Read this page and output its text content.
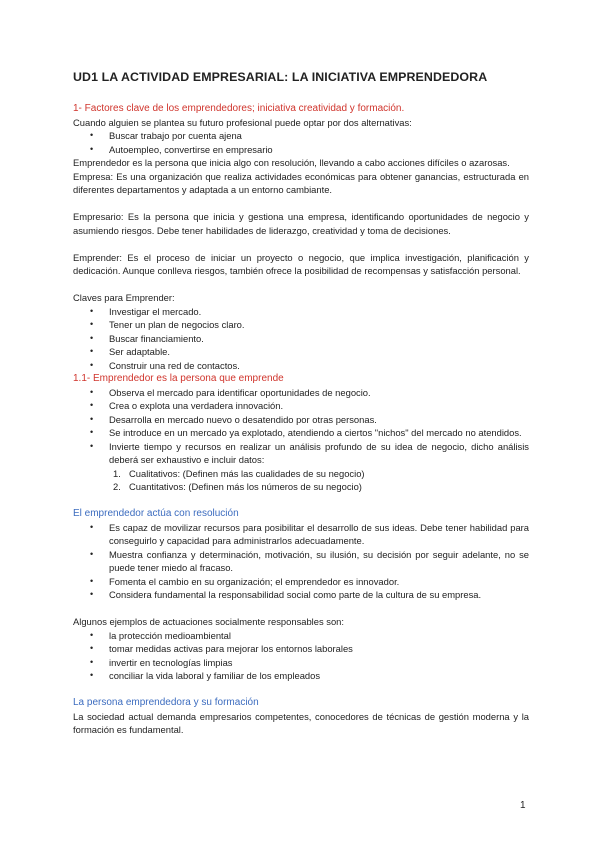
UD1 LA ACTIVIDAD EMPRESARIAL: LA INICIATIVA EMPRENDEDORA
1- Factores clave de los emprendedores; iniciativa creatividad y formación.

Cuando alguien se plantea su futuro profesional puede optar por dos alternativas:

• Buscar trabajo por cuenta ajena
• Autoempleo, convertirse en empresario

Emprendedor es la persona que inicia algo con resolución, llevando a cabo acciones difíciles o azarosas.

Empresa: Es una organización que realiza actividades económicas para obtener ganancias, estructurada en diferentes departamentos y adaptada a un entorno cambiante.

Empresario: Es la persona que inicia y gestiona una empresa, identificando oportunidades de negocio y asumiendo riesgos. Debe tener habilidades de liderazgo, creatividad y toma de decisiones.

Emprender: Es el proceso de iniciar un proyecto o negocio, que implica investigación, planificación y dedicación. Aunque conlleva riesgos, también ofrece la posibilidad de recompensas y satisfacción personal.

Claves para Emprender:

• Investigar el mercado.
• Tener un plan de negocios claro.
• Buscar financiamiento.
• Ser adaptable.
• Construir una red de contactos.
1.1- Emprendedor es la persona que emprende
• Observa el mercado para identificar oportunidades de negocio.
• Crea o explota una verdadera innovación.
• Desarrolla en mercado nuevo o desatendido por otras personas.
• Se introduce en un mercado ya explotado, atendiendo a ciertos "nichos" del mercado no atendidos.
• Invierte tiempo y recursos en realizar un análisis profundo de su idea de negocio, dicho análisis deberá ser exhaustivo e incluir datos:
1. Cualitativos: (Definen más las cualidades de su negocio)
2. Cuantitativos: (Definen más los números de su negocio)
El emprendedor actúa con resolución
• Es capaz de movilizar recursos para posibilitar el desarrollo de sus ideas. Debe tener habilidad para conseguirlo y capacidad para administrarlos adecuadamente.
• Muestra confianza y determinación, motivación, su ilusión, su decisión por seguir adelante, no se puede tener miedo al fracaso.
• Fomenta el cambio en su organización; el emprendedor es innovador.
• Considera fundamental la responsabilidad social como parte de la cultura de su empresa.

Algunos ejemplos de actuaciones socialmente responsables son:

• la protección medioambiental
• tomar medidas activas para mejorar los entornos laborales
• invertir en tecnologías limpias
• conciliar la vida laboral y familiar de los empleados
La persona emprendedora y su formación

La sociedad actual demanda empresarios competentes, conocedores de técnicas de gestión moderna y la formación es fundamental.

1
